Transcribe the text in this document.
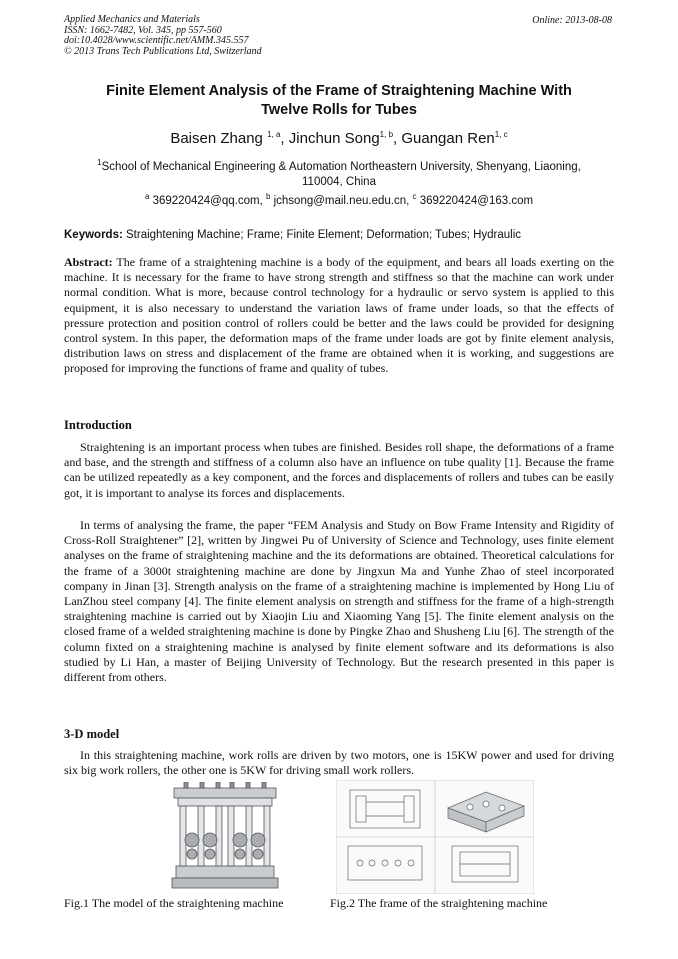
Applied Mechanics and Materials
ISSN: 1662-7482, Vol. 345, pp 557-560
doi:10.4028/www.scientific.net/AMM.345.557
© 2013 Trans Tech Publications Ltd, Switzerland
Online: 2013-08-08
Finite Element Analysis of the Frame of Straightening Machine With
Twelve Rolls for Tubes
Baisen Zhang $^{1, a}$, Jinchun Song$^{1, b}$, Guangan Ren$^{1, c}$
$^1$School of Mechanical Engineering & Automation Northeastern University, Shenyang, Liaoning,
110004, China
$^a$ 369220424@qq.com, $^b$ jchsong@mail.neu.edu.cn, $^c$ 369220424@163.com
Keywords: Straightening Machine; Frame; Finite Element; Deformation; Tubes; Hydraulic
Abstract: The frame of a straightening machine is a body of the equipment, and bears all loads exerting on the machine. It is necessary for the frame to have strong strength and stiffness so that the machine can work under normal condition. What is more, because control technology for a hydraulic or servo system is applied to this equipment, it is also necessary to understand the variation laws of frame under loads, so that the effects of pressure protection and position control of rollers could be better and the laws could be provided for designing control system. In this paper, the deformation maps of the frame under loads are got by finite element analysis, distribution laws on stress and displacement of the frame are obtained when it is working, and suggestions are proposed for improving the functions of frame and quality of tubes.
Introduction
Straightening is an important process when tubes are finished. Besides roll shape, the deformations of a frame and base, and the strength and stiffness of a column also have an influence on tube quality [1]. Because the frame can be utilized repeatedly as a key component, and the forces and displacements of rollers and tubes can be easily got, it is important to analyse its forces and displacements.
In terms of analysing the frame, the paper “FEM Analysis and Study on Bow Frame Intensity and Rigidity of Cross-Roll Straightener” [2], written by Jingwei Pu of University of Science and Technology, uses finite element analyses on the frame of straightening machine and the its deformations are obtained. Theoretical calculations for the frame of a 3000t straightening machine are done by Jingxun Ma and Yunhe Zhao of steel incorporated company in Jinan [3]. Strength analysis on the frame of a straightening machine is implemented by Hong Liu of LanZhou steel company [4]. The finite element analysis on strength and stiffness for the frame of a high-strength straightening machine is carried out by Xiaojin Liu and Xiaoming Yang [5]. The finite element analysis on the closed frame of a welded straightening machine is done by Pingke Zhao and Shusheng Liu [6]. The strength of the column fixted on a straightening machine is analysed by finite element software and its deformations is also studied by Li Han, a master of Beijing University of Technology. But the research presented in this paper is different from others.
3-D model
In this straightening machine, work rolls are driven by two motors, one is 15KW power and used for driving six big work rollers, the other one is 5KW for driving small work rollers.
Fig.1 The model of the straightening machine	Fig.2 The frame of the straightening machine
